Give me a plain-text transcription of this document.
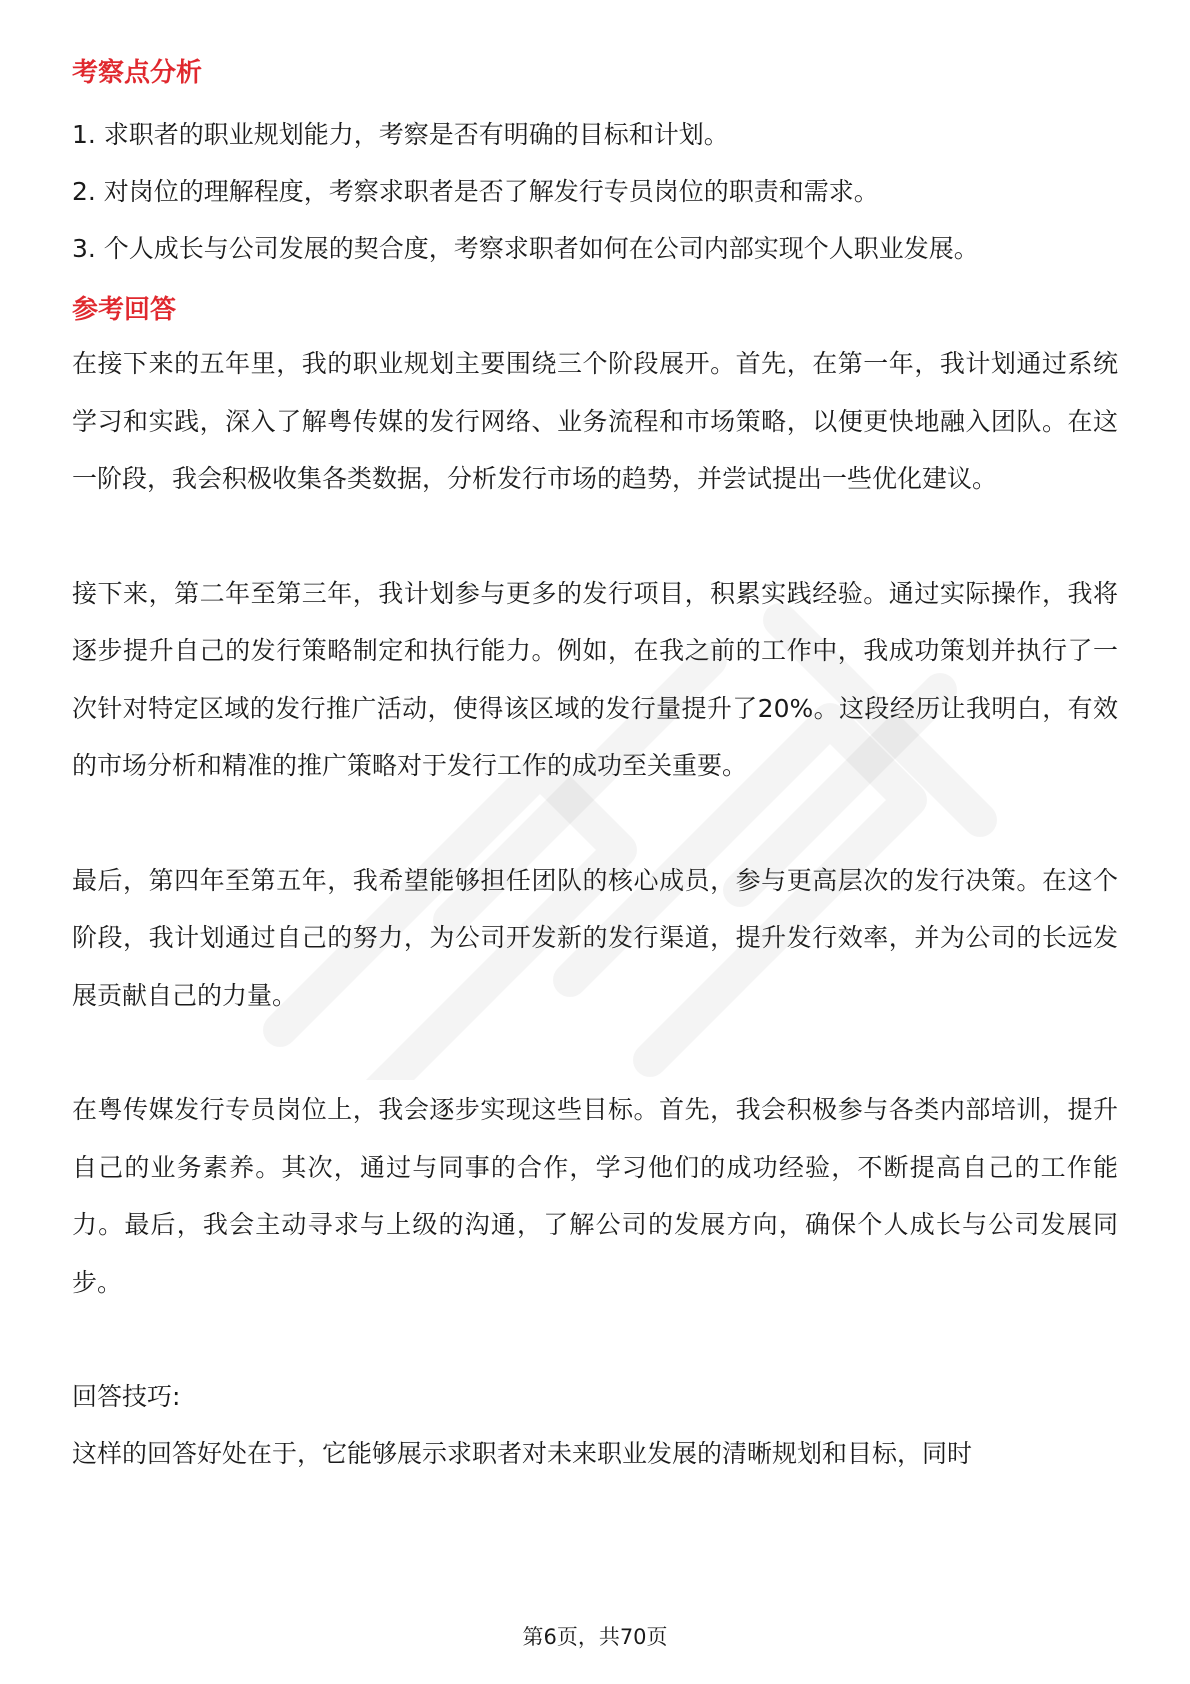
考察点分析

1. 求职者的职业规划能力，考察是否有明确的目标和计划。

2. 对岗位的理解程度，考察求职者是否了解发行专员岗位的职责和需求。

3. 个人成长与公司发展的契合度，考察求职者如何在公司内部实现个人职业发展。

参考回答

在接下来的五年里，我的职业规划主要围绕三个阶段展开。首先，在第一年，我计划通过系统学习和实践，深入了解粤传媒的发行网络、业务流程和市场策略，以便更快地融入团队。在这一阶段，我会积极收集各类数据，分析发行市场的趋势，并尝试提出一些优化建议。

接下来，第二年至第三年，我计划参与更多的发行项目，积累实践经验。通过实际操作，我将逐步提升自己的发行策略制定和执行能力。例如，在我之前的工作中，我成功策划并执行了一次针对特定区域的发行推广活动，使得该区域的发行量提升了20%。这段经历让我明白，有效的市场分析和精准的推广策略对于发行工作的成功至关重要。

最后，第四年至第五年，我希望能够担任团队的核心成员，参与更高层次的发行决策。在这个阶段，我计划通过自己的努力，为公司开发新的发行渠道，提升发行效率，并为公司的长远发展贡献自己的力量。

在粤传媒发行专员岗位上，我会逐步实现这些目标。首先，我会积极参与各类内部培训，提升自己的业务素养。其次，通过与同事的合作，学习他们的成功经验，不断提高自己的工作能力。最后，我会主动寻求与上级的沟通，了解公司的发展方向，确保个人成长与公司发展同步。

回答技巧:

这样的回答好处在于，它能够展示求职者对未来职业发展的清晰规划和目标，同时

第6页，共70页
